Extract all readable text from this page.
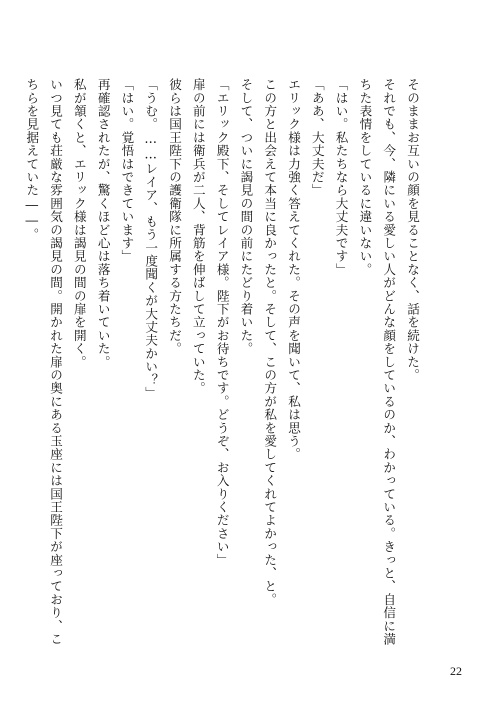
そのままお互いの顔を見ることなく、話を続けた。
それでも、今、隣にいる愛しい人がどんな顔をしているのか、わかっている。きっと、自信に満
ちた表情をしているに違いない。
「はい。私たちなら大丈夫です」
「ああ、大丈夫だ」
エリック様は力強く答えてくれた。その声を聞いて、私は思う。
この方と出会えて本当に良かったと。そして、この方が私を愛してくれてよかった、と。
そして、ついに謁見の間の前にたどり着いた。
「エリック殿下、そしてレイア様。陛下がお待ちです。どうぞ、お入りください」
扉の前には衛兵が二人、背筋を伸ばして立っていた。
彼らは国王陛下の護衛隊に所属する方たちだ。
「うむ。……レイア、もう一度聞くが大丈夫かい？」
「はい。覚悟はできています」
再確認されたが、驚くほど心は落ち着いていた。
私が頷くと、エリック様は謁見の間の扉を開く。
いつ見ても荘厳な雰囲気の謁見の間。開かれた扉の奥にある玉座には国王陛下が座っており、こ
ちらを見据えていた――。
22
